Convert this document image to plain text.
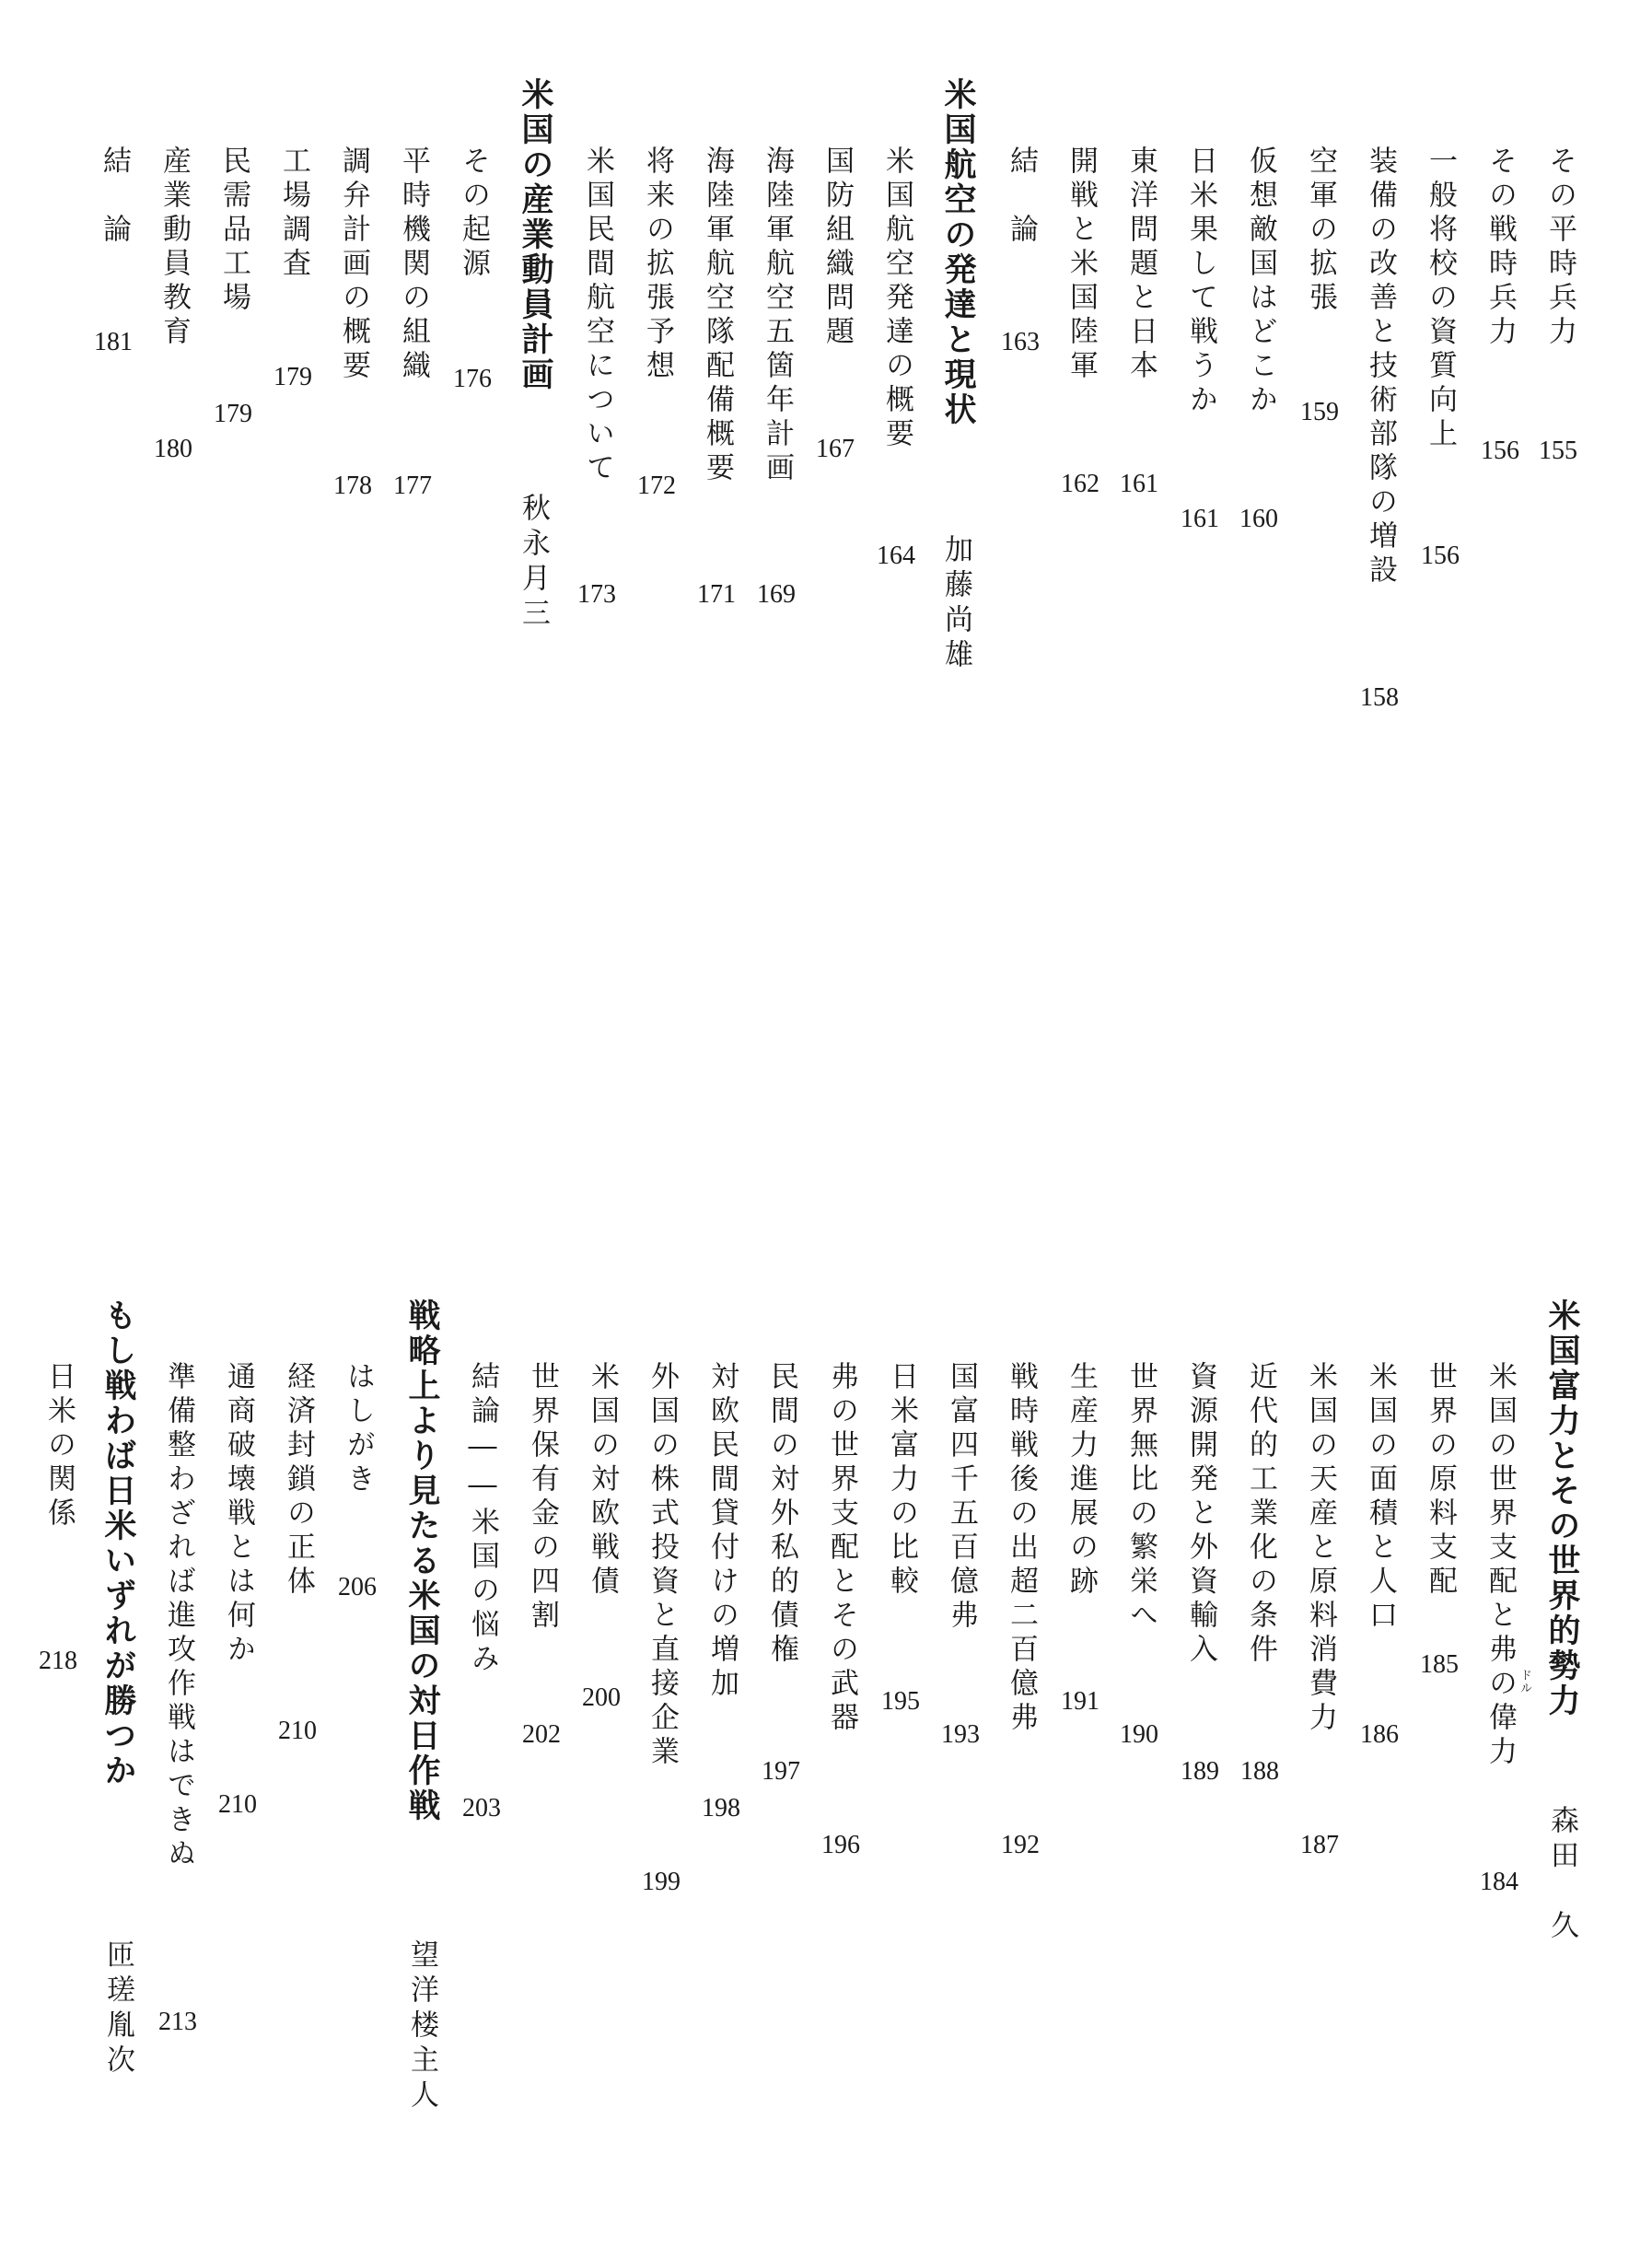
その平時兵力
155
その戦時兵力
156
一般将校の資質向上
156
装備の改善と技術部隊の増設
158
空軍の拡張
159
仮想敵国はどこか
160
日米果して戦うか
161
東洋問題と日本
161
開戦と米国陸軍
162
結　論
163
米国航空の発達と現状
加藤尚雄
米国航空発達の概要
164
国防組織問題
167
海陸軍航空五箇年計画
169
海陸軍航空隊配備概要
171
将来の拡張予想
172
米国民間航空について
173
米国の産業動員計画
秋永月三
その起源
176
平時機関の組織
177
調弁計画の概要
178
工場調査
179
民需品工場
179
産業動員教育
180
結　論
181
米国富力とその世界的勢力
森田　久
米国の世界支配と弗の偉力 ドル
184
世界の原料支配
185
米国の面積と人口
186
米国の天産と原料消費力
187
近代的工業化の条件
188
資源開発と外資輸入
189
世界無比の繁栄へ
190
生産力進展の跡
191
戦時戦後の出超二百億弗
192
国富四千五百億弗
193
日米富力の比較
195
弗の世界支配とその武器
196
民間の対外私的債権
197
対欧民間貸付けの増加
198
外国の株式投資と直接企業
199
米国の対欧戦債
200
世界保有金の四割
202
結論――米国の悩み
203
戦略上より見たる米国の対日作戦
望洋楼主人
はしがき
206
経済封鎖の正体
210
通商破壊戦とは何か
210
準備整わざれば進攻作戦はできぬ
213
もし戦わば日米いずれが勝つか
匝瑳胤次
日米の関係
218
